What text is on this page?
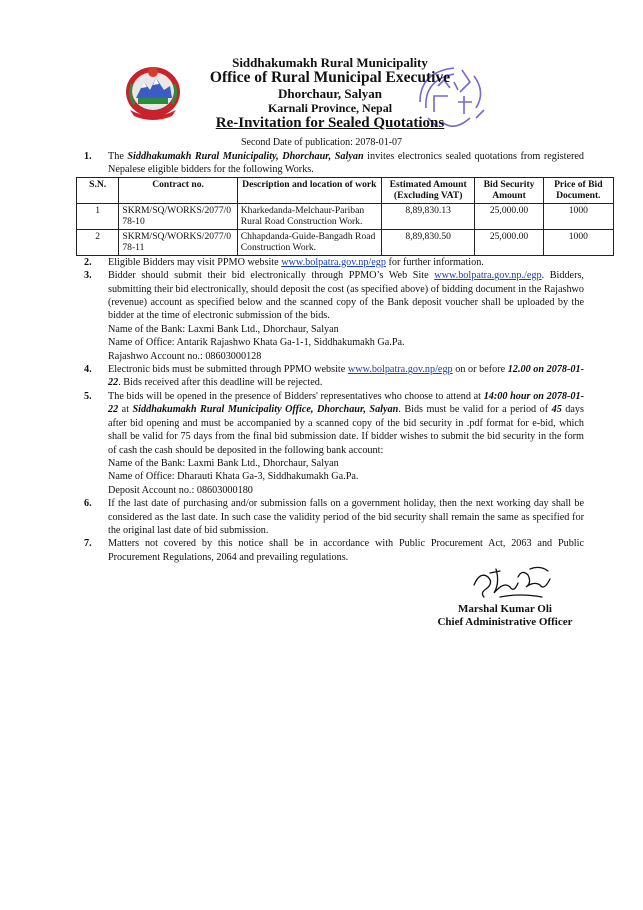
Siddhakumakh Rural Municipality
Office of Rural Municipal Executive
Dhorchaur, Salyan
Karnali Province, Nepal
Re-Invitation for Sealed Quotations
Second Date of publication: 2078-01-07
1. The Siddhakumakh Rural Municipality, Dhorchaur, Salyan invites electronics sealed quotations from registered Nepalese eligible bidders for the following Works.
S.N.	Contract no.	Description and location of work	Estimated Amount (Excluding VAT)	Bid Security Amount	Price of Bid Document.
1	SKRM/SQ/WORKS/2077/078-10	Kharkedanda-Melchaur-Pariban Rural Road Construction Work.	8,89,830.13	25,000.00	1000
2	SKRM/SQ/WORKS/2077/078-11	Chhapdanda-Guide-Bangadh Road Construction Work.	8,89,830.50	25,000.00	1000
2. Eligible Bidders may visit PPMO website www.bolpatra.gov.np/egp for further information.
3. Bidder should submit their bid electronically through PPMO’s Web Site www.bolpatra.gov.np./egp. Bidders, submitting their bid electronically, should deposit the cost (as specified above) of bidding document in the Rajashwo (revenue) account as specified below and the scanned copy of the Bank deposit voucher shall be uploaded by the bidder at the time of electronic submission of the bids.
Name of the Bank: Laxmi Bank Ltd., Dhorchaur, Salyan
Name of Office: Antarik Rajashwo Khata Ga-1-1, Siddhakumakh Ga.Pa.
Rajashwo Account no.: 08603000128
4. Electronic bids must be submitted through PPMO website www.bolpatra.gov.np/egp on or before 12.00 on 2078-01-22. Bids received after this deadline will be rejected.
5. The bids will be opened in the presence of Bidders' representatives who choose to attend at 14:00 hour on 2078-01-22 at Siddhakumakh Rural Municipality Office, Dhorchaur, Salyan. Bids must be valid for a period of 45 days after bid opening and must be accompanied by a scanned copy of the bid security in .pdf format for e-bid, which shall be valid for 75 days from the final bid submission date. If bidder wishes to submit the bid security in the form of cash the cash should be deposited in the following bank account:
Name of the Bank: Laxmi Bank Ltd., Dhorchaur, Salyan
Name of Office: Dharauti Khata Ga-3, Siddhakumakh Ga.Pa.
Deposit Account no.: 08603000180
6. If the last date of purchasing and/or submission falls on a government holiday, then the next working day shall be considered as the last date. In such case the validity period of the bid security shall remain the same as specified for the original last date of bid submission.
7. Matters not covered by this notice shall be in accordance with Public Procurement Act, 2063 and Public Procurement Regulations, 2064 and prevailing regulations.
Marshal Kumar Oli
Chief Administrative Officer
